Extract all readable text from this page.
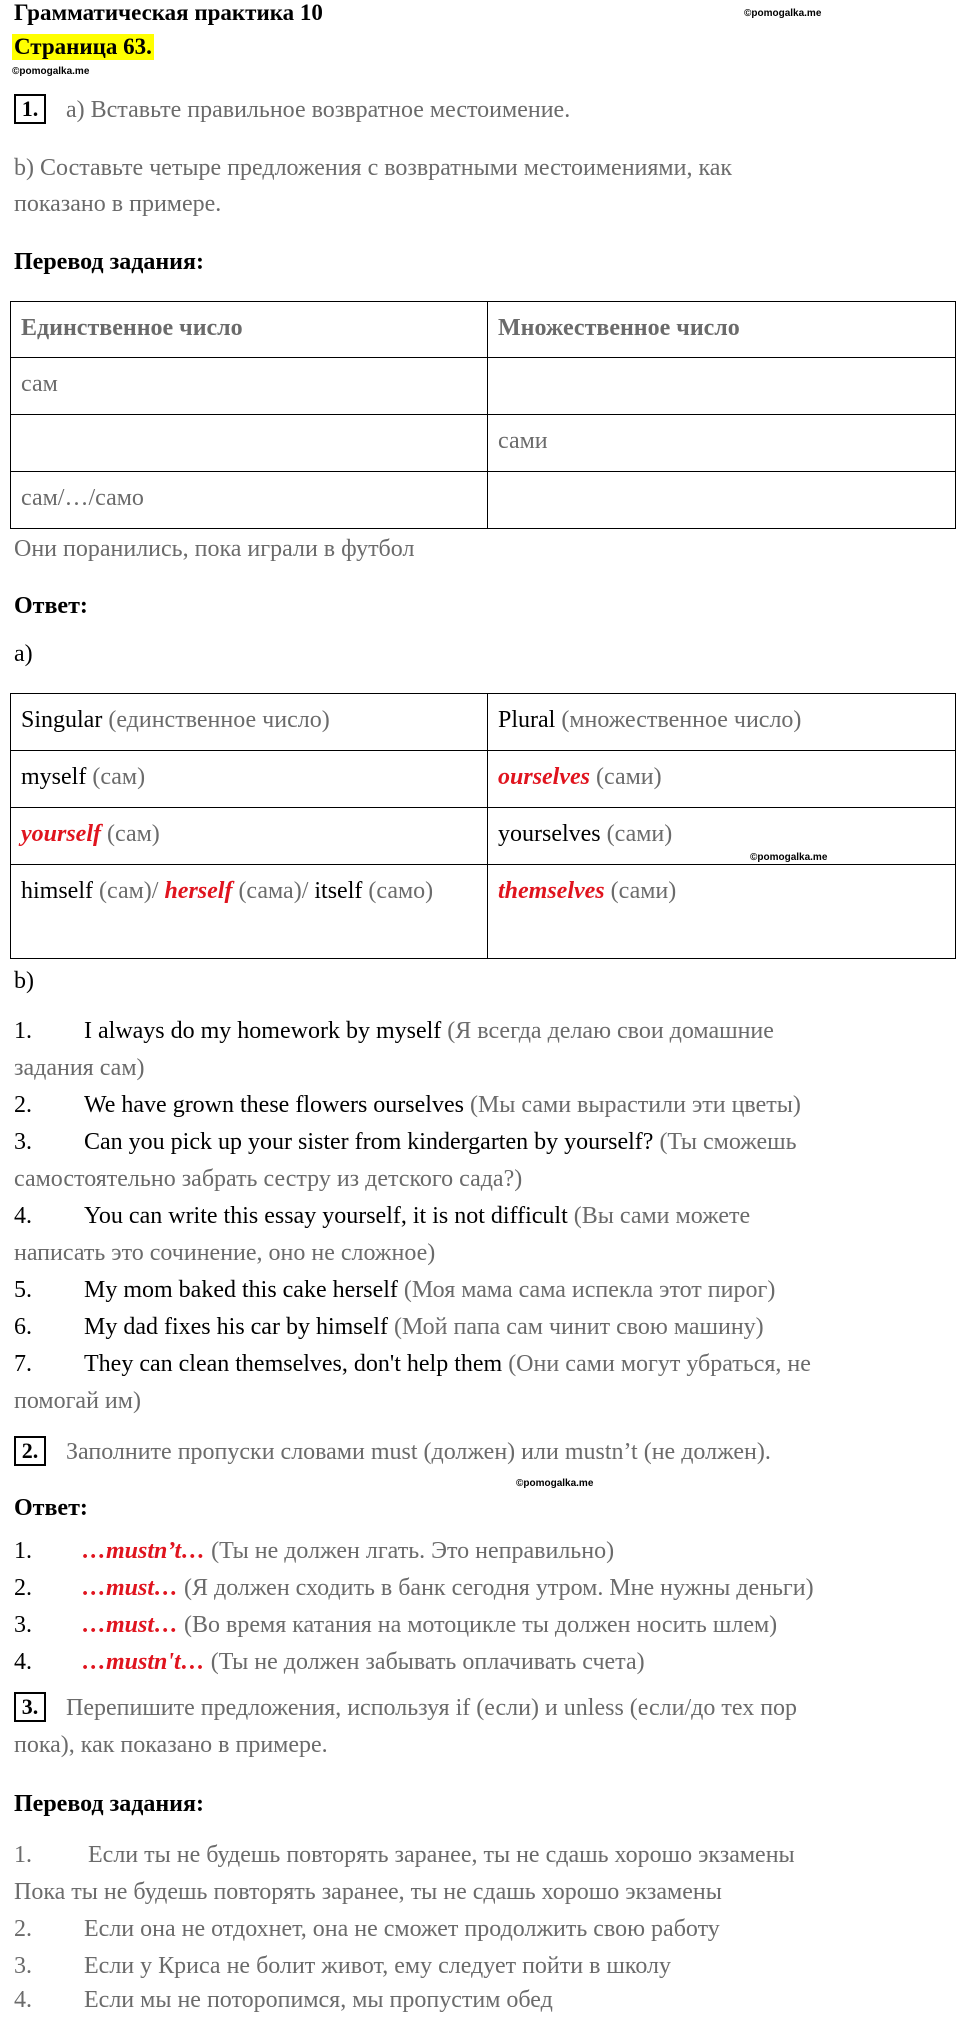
Грамматическая практика 10	©pomogalka.me
Страница 63.
©pomogalka.me
1.	a) Вставьте правильное возвратное местоимение.
b) Составьте четыре предложения с возвратными местоимениями, как
показано в примере.
Перевод задания:
Единственное число	Множественное число
сам	
	сами
сам/…/само	
Они поранились, пока играли в футбол
Ответ:
a)
Singular (единственное число)	Plural (множественное число)
myself (сам)	ourselves (сами)
yourself (сам)	yourselves (сами)
©pomogalka.me

himself (сам)/ herself (сама)/ itself (само)	themselves (сами)
b)
1. I always do my homework by myself (Я всегда делаю свои домашние
задания сам)
2. We have grown these flowers ourselves (Мы сами вырастили эти цветы)
3. Can you pick up your sister from kindergarten by yourself? (Ты сможешь
самостоятельно забрать сестру из детского сада?)
4. You can write this essay yourself, it is not difficult (Вы сами можете
написать это сочинение, оно не сложное)
5. My mom baked this cake herself (Моя мама сама испекла этот пирог)
6. My dad fixes his car by himself (Мой папа сам чинит свою машину)
7. They can clean themselves, don't help them (Они сами могут убраться, не
помогай им)
2.	Заполните пропуски словами must (должен) или mustn’t (не должен).
©pomogalka.me
Ответ:
1. …mustn’t… (Ты не должен лгать. Это неправильно)
2. …must… (Я должен сходить в банк сегодня утром. Мне нужны деньги)
3. …must… (Во время катания на мотоцикле ты должен носить шлем)
4. …mustn't… (Ты не должен забывать оплачивать счета)
3.	Перепишите предложения, используя if (если) и unless (если/до тех пор
пока), как показано в примере.
Перевод задания:
1. Если ты не будешь повторять заранее, ты не сдашь хорошо экзамены
Пока ты не будешь повторять заранее, ты не сдашь хорошо экзамены
2. Если она не отдохнет, она не сможет продолжить свою работу
3. Если у Криса не болит живот, ему следует пойти в школу
4. Если мы не поторопимся, мы пропустим обед
